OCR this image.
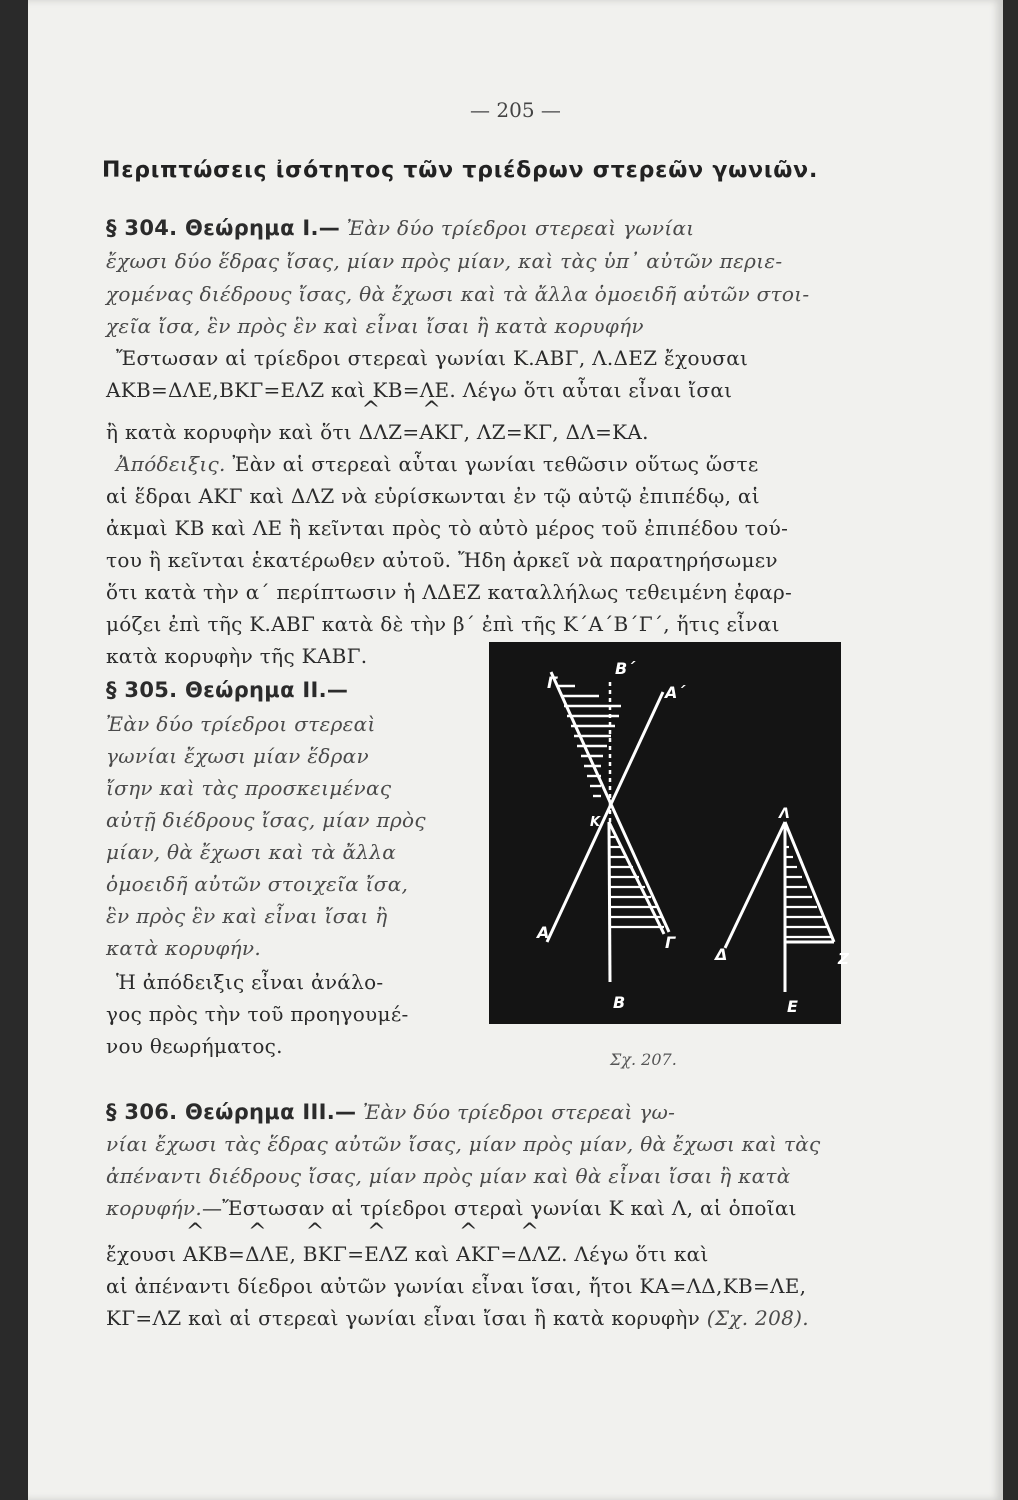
— 205 —
Περιπτώσεις ἰσότητος τῶν τριέδρων στερεῶν γωνιῶν.
§ 304. Θεώρημα Ι.— Ἐὰν δύο τρίεδροι στερεαὶ γωνίαι
ἔχωσι δύο ἕδρας ἴσας, μίαν πρὸς μίαν, καὶ τὰς ὑπ᾽ αὐτῶν περιε-
χομένας διέδρους ἴσας, θὰ ἔχωσι καὶ τὰ ἄλλα ὁμοειδῆ αὐτῶν στοι-
χεῖα ἴσα, ἓν πρὸς ἓν καὶ εἶναι ἴσαι ἢ κατὰ κορυφήν
Ἔστωσαν αἱ τρίεδροι στερεαὶ γωνίαι Κ.ΑΒΓ, Λ.ΔΕΖ ἔχουσαι
ΑΚΒ=ΔΛΕ,ΒΚΓ=ΕΛΖ καὶ ΚΒ=ΛΕ. Λέγω ὅτι αὗται εἶναι ἴσαι
ἢ κατὰ κορυφὴν καὶ ὅτι ^ ΔΛΖ=^ ΑΚΓ, ΛΖ=ΚΓ, ΔΛ=ΚΑ.
Ἀπόδειξις. Ἐὰν αἱ στερεαὶ αὗται γωνίαι τεθῶσιν οὕτως ὥστε
αἱ ἕδραι ΑΚΓ καὶ ΔΛΖ νὰ εὑρίσκωνται ἐν τῷ αὐτῷ ἐπιπέδῳ, αἱ
ἀκμαὶ ΚΒ καὶ ΛΕ ἢ κεῖνται πρὸς τὸ αὐτὸ μέρος τοῦ ἐπιπέδου τού-
του ἢ κεῖνται ἑκατέρωθεν αὐτοῦ. Ἤδη ἀρκεῖ νὰ παρατηρήσωμεν
ὅτι κατὰ τὴν α΄ περίπτωσιν ἡ ΛΔΕΖ καταλλήλως τεθειμένη ἐφαρ-
μόζει ἐπὶ τῆς Κ.ΑΒΓ κατὰ δὲ τὴν β΄ ἐπὶ τῆς Κ΄Α΄Β΄Γ΄, ἥτις εἶναι
κατὰ κορυφὴν τῆς ΚΑΒΓ.
§ 305. Θεώρημα ΙΙ.—
Ἐὰν δύο τρίεδροι στερεαὶ
γωνίαι ἔχωσι μίαν ἕδραν
ἴσην καὶ τὰς προσκειμένας
αὐτῇ διέδρους ἴσας, μίαν πρὸς
μίαν, θὰ ἔχωσι καὶ τὰ ἄλλα
ὁμοειδῆ αὐτῶν στοιχεῖα ἴσα,
ἓν πρὸς ἓν καὶ εἶναι ἴσαι ἢ
κατὰ κορυφήν.
Ἡ ἀπόδειξις εἶναι ἀνάλο-
γος πρὸς τὴν τοῦ προηγουμέ-
νου θεωρήματος.
Γ
Β΄
Α΄
Κ
Α
Γ
Β
Λ
Δ	Ζ
Ε
Σχ. 207.
§ 306. Θεώρημα ΙΙΙ.— Ἐὰν δύο τρίεδροι στερεαὶ γω-
νίαι ἔχωσι τὰς ἕδρας αὐτῶν ἴσας, μίαν πρὸς μίαν, θὰ ἔχωσι καὶ τὰς
ἀπέναντι διέδρους ἴσας, μίαν πρὸς μίαν καὶ θὰ εἶναι ἴσαι ἢ κατὰ
κορυφήν.—Ἔστωσαν αἱ τρίεδροι στεραὶ γωνίαι Κ καὶ Λ, αἱ ὁποῖαι
ἔχουσι ^ ΑΚΒ=^ ΔΛΕ, ^ ΒΚΓ=^ ΕΛΖ καὶ ^ ΑΚΓ=^ ΔΛΖ. Λέγω ὅτι καὶ
αἱ ἀπέναντι δίεδροι αὐτῶν γωνίαι εἶναι ἴσαι, ἤτοι ΚΑ=ΛΔ,ΚΒ=ΛΕ,
ΚΓ=ΛΖ καὶ αἱ στερεαὶ γωνίαι εἶναι ἴσαι ἢ κατὰ κορυφὴν (Σχ. 208).
